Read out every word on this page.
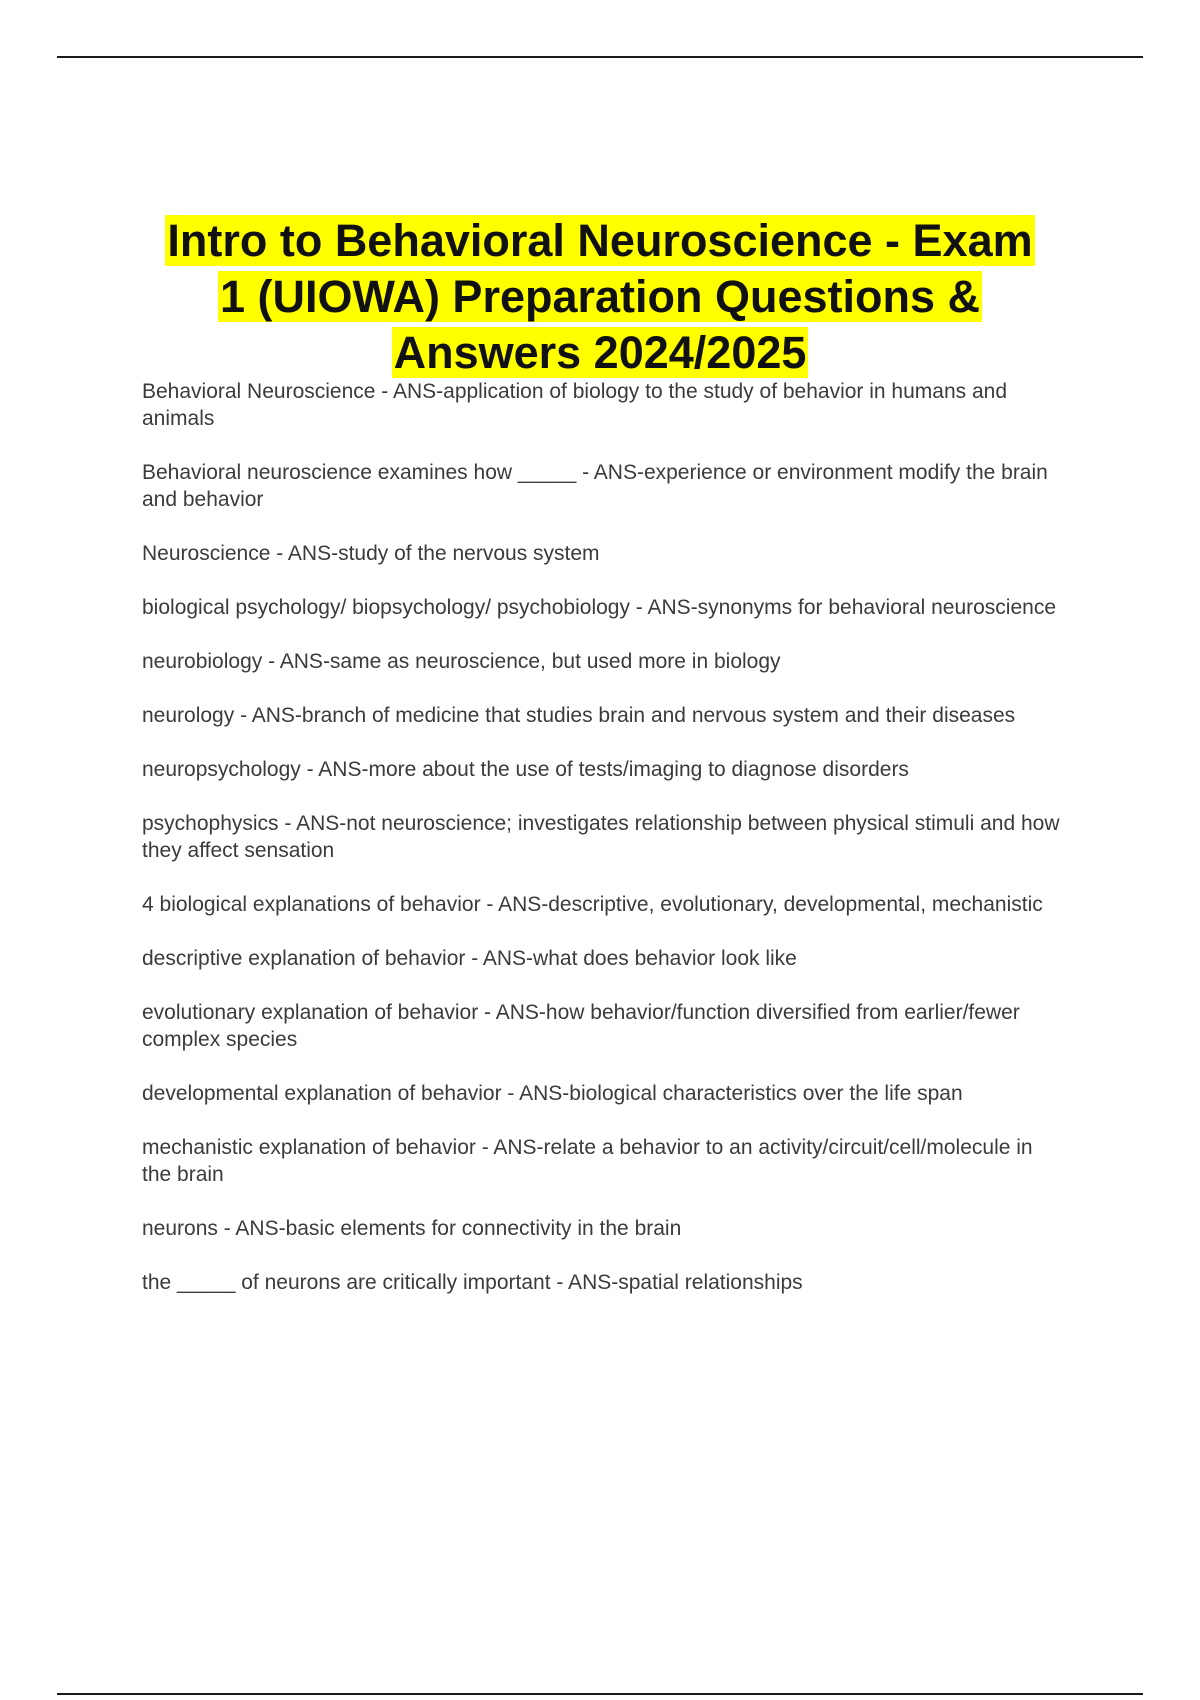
Intro to Behavioral Neuroscience - Exam
1 (UIOWA) Preparation Questions &
Answers 2024/2025
Behavioral Neuroscience - ANS-application of biology to the study of behavior in humans and animals
Behavioral neuroscience examines how _____ - ANS-experience or environment modify the brain and behavior
Neuroscience - ANS-study of the nervous system
biological psychology/ biopsychology/ psychobiology - ANS-synonyms for behavioral neuroscience
neurobiology - ANS-same as neuroscience, but used more in biology
neurology - ANS-branch of medicine that studies brain and nervous system and their diseases
neuropsychology - ANS-more about the use of tests/imaging to diagnose disorders
psychophysics - ANS-not neuroscience; investigates relationship between physical stimuli and how they affect sensation
4 biological explanations of behavior - ANS-descriptive, evolutionary, developmental, mechanistic
descriptive explanation of behavior - ANS-what does behavior look like
evolutionary explanation of behavior - ANS-how behavior/function diversified from earlier/fewer complex species
developmental explanation of behavior - ANS-biological characteristics over the life span
mechanistic explanation of behavior - ANS-relate a behavior to an activity/circuit/cell/molecule in the brain
neurons - ANS-basic elements for connectivity in the brain
the _____ of neurons are critically important - ANS-spatial relationships
